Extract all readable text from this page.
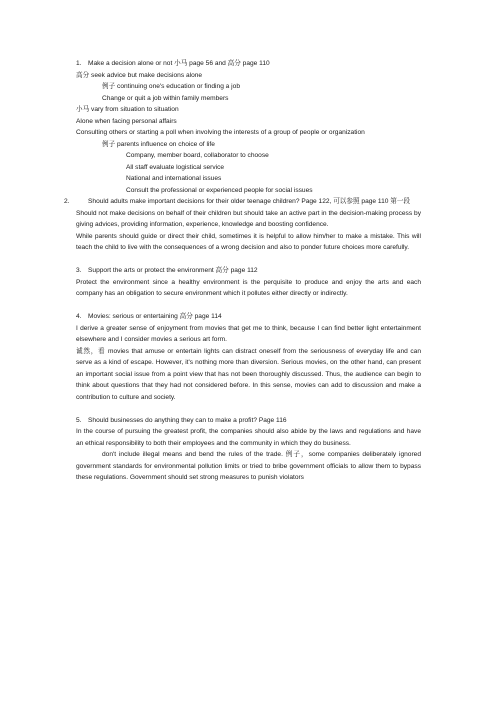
1. Make a decision alone or not 小马 page 56 and 高分 page 110
高分 seek advice but make decisions alone
例子 continuing one's education or finding a job
Change or quit a job within family members
小马 vary from situation to situation
Alone when facing personal affairs
Consulting others or starting a poll when involving the interests of a group of people or organization
例子 parents influence on choice of life
Company, member board, collaborator to choose
All staff evaluate logistical service
National and international issues
Consult the professional or experienced people for social issues
2.	Should adults make important decisions for their older teenage children? Page 122, 可以参照 page 110 第一段
Should not make decisions on behalf of their children but should take an active part in the decision-making process by giving advices, providing information, experience, knowledge and boosting confidence.
While parents should guide or direct their child, sometimes it is helpful to allow him/her to make a mistake. This will teach the child to live with the consequences of a wrong decision and also to ponder future choices more carefully.
3. Support the arts or protect the environment 高分 page 112
Protect the environment since a healthy environment is the perquisite to produce and enjoy the arts and each company has an obligation to secure environment which it pollutes either directly or indirectly.
4. Movies: serious or entertaining 高分 page 114
I derive a greater sense of enjoyment from movies that get me to think, because I can find better light entertainment elsewhere and I consider movies a serious art form.
诚然，看 movies that amuse or entertain lights can distract oneself from the seriousness of everyday life and can serve as a kind of escape. However, it's nothing more than diversion. Serious movies, on the other hand, can present an important social issue from a point view that has not been thoroughly discussed. Thus, the audience can begin to think about questions that they had not considered before. In this sense, movies can add to discussion and make a contribution to culture and society.
5. Should businesses do anything they can to make a profit? Page 116
In the course of pursuing the greatest profit, the companies should also abide by the laws and regulations and have an ethical responsibility to both their employees and the community in which they do business.
don't include illegal means and bend the rules of the trade. 例子，some companies deliberately ignored government standards for environmental pollution limits or tried to bribe government officials to allow them to bypass these regulations. Government should set strong measures to punish violators
